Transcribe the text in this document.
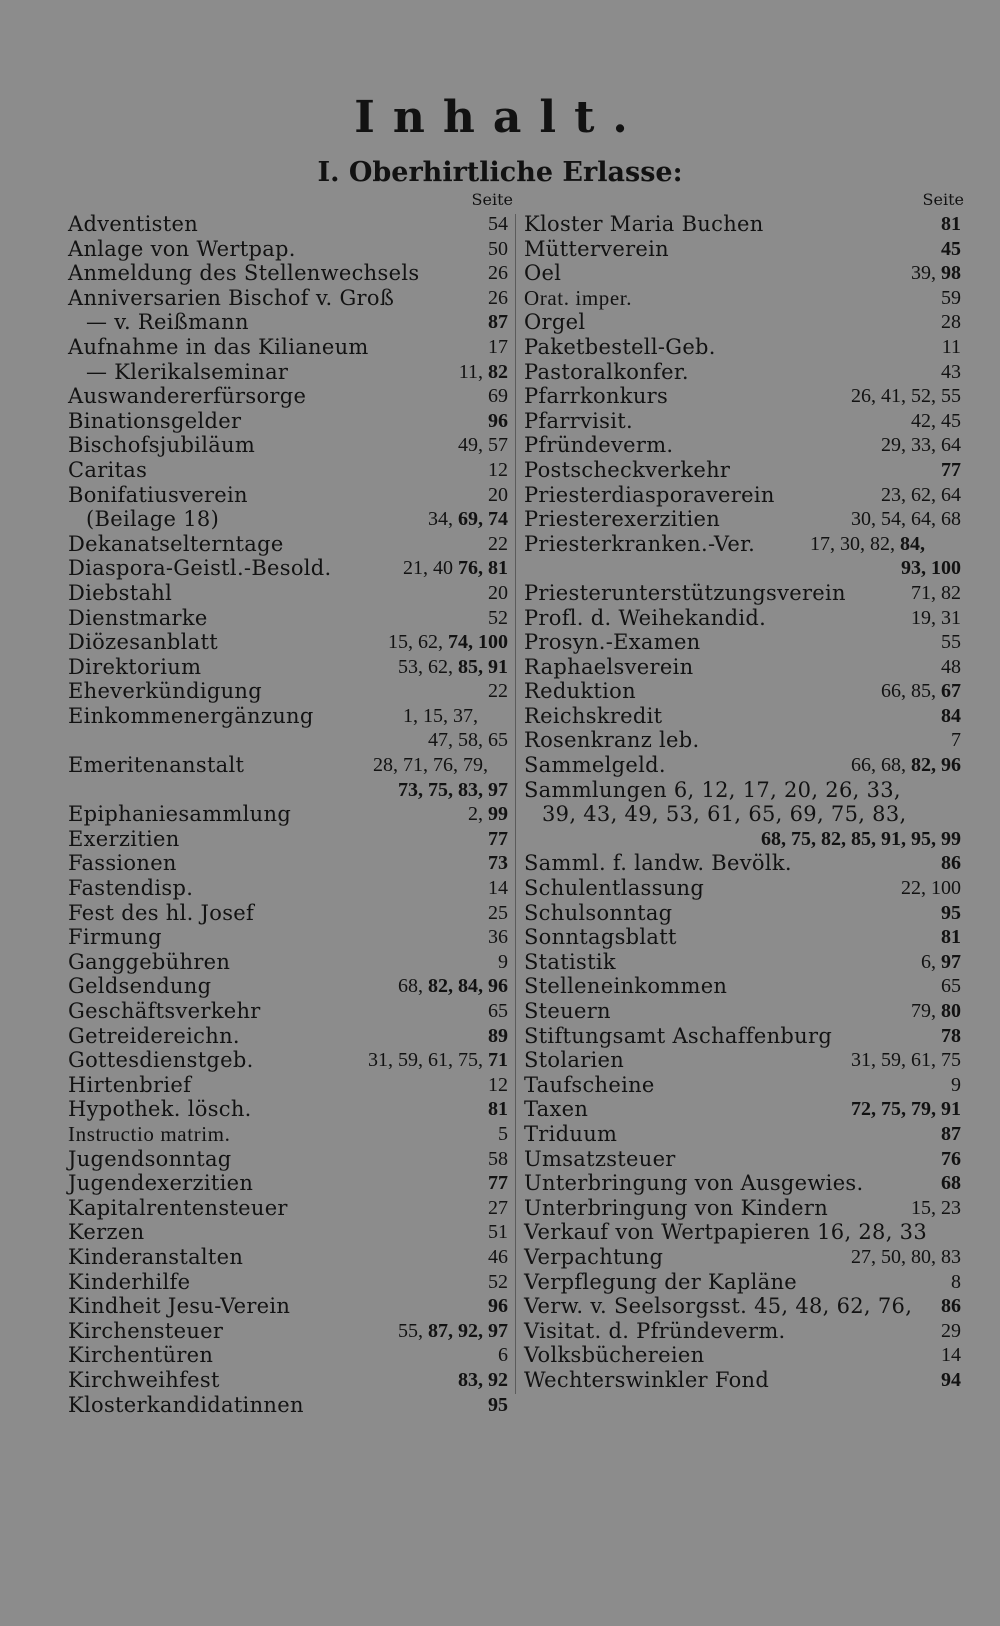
Inhalt.
I. Oberhirtliche Erlasse:
Seite	Seite
Adventisten	54
Anlage von Wertpap.	50
Anmeldung des Stellenwechsels	26
Anniversarien Bischof v. Groß	26
— v. Reißmann	87
Aufnahme in das Kilianeum	17
— Klerikalseminar	11, 82
Auswandererfürsorge	69
Binationsgelder	96
Bischofsjubiläum	49, 57
Caritas	12
Bonifatiusverein	20
(Beilage 18)	34, 69, 74
Dekanatselterntage	22
Diaspora-Geistl.-Besold.	21, 40 76, 81
Diebstahl	20
Dienstmarke	52
Diözesanblatt	15, 62, 74, 100
Direktorium	53, 62, 85, 91
Eheverkündigung	22
Einkommenergänzung	1, 15, 37,
47, 58, 65
Emeritenanstalt	28, 71, 76, 79,
73, 75, 83, 97
Epiphaniesammlung	2, 99
Exerzitien	77
Fassionen	73
Fastendisp.	14
Fest des hl. Josef	25
Firmung	36
Ganggebühren	9
Geldsendung	68, 82, 84, 96
Geschäftsverkehr	65
Getreidereichn.	89
Gottesdienstgeb.	31, 59, 61, 75, 71
Hirtenbrief	12
Hypothek. lösch.	81
Instructio matrim.	5
Jugendsonntag	58
Jugendexerzitien	77
Kapitalrentensteuer	27
Kerzen	51
Kinderanstalten	46
Kinderhilfe	52
Kindheit Jesu-Verein	96
Kirchensteuer	55, 87, 92, 97
Kirchentüren	6
Kirchweihfest	83, 92
Klosterkandidatinnen	95
Kloster Maria Buchen	81
Mütterverein	45
Oel	39, 98
Orat. imper.	59
Orgel	28
Paketbestell-Geb.	11
Pastoralkonfer.	43
Pfarrkonkurs	26, 41, 52, 55
Pfarrvisit.	42, 45
Pfründeverm.	29, 33, 64
Postscheckverkehr	77
Priesterdiasporaverein	23, 62, 64
Priesterexerzitien	30, 54, 64, 68
Priesterkranken.-Ver.	17, 30, 82, 84,
93, 100
Priesterunterstützungsverein	71, 82
Profl. d. Weihekandid.	19, 31
Prosyn.-Examen	55
Raphaelsverein	48
Reduktion	66, 85, 67
Reichskredit	84
Rosenkranz leb.	7
Sammelgeld.	66, 68, 82, 96
Sammlungen 6, 12, 17, 20, 26, 33,
39, 43, 49, 53, 61, 65, 69, 75, 83,
68, 75, 82, 85, 91, 95, 99
Samml. f. landw. Bevölk.	86
Schulentlassung	22, 100
Schulsonntag	95
Sonntagsblatt	81
Statistik	6, 97
Stelleneinkommen	65
Steuern	79, 80
Stiftungsamt Aschaffenburg	78
Stolarien	31, 59, 61, 75
Taufscheine	9
Taxen	72, 75, 79, 91
Triduum	87
Umsatzsteuer	76
Unterbringung von Ausgewies.	68
Unterbringung von Kindern	15, 23
Verkauf von Wertpapieren 16, 28, 33
Verpachtung	27, 50, 80, 83
Verpflegung der Kapläne	8
Verw. v. Seelsorgsst. 45, 48, 62, 76, 86
Visitat. d. Pfründeverm.	29
Volksbüchereien	14
Wechterswinkler Fond	94
